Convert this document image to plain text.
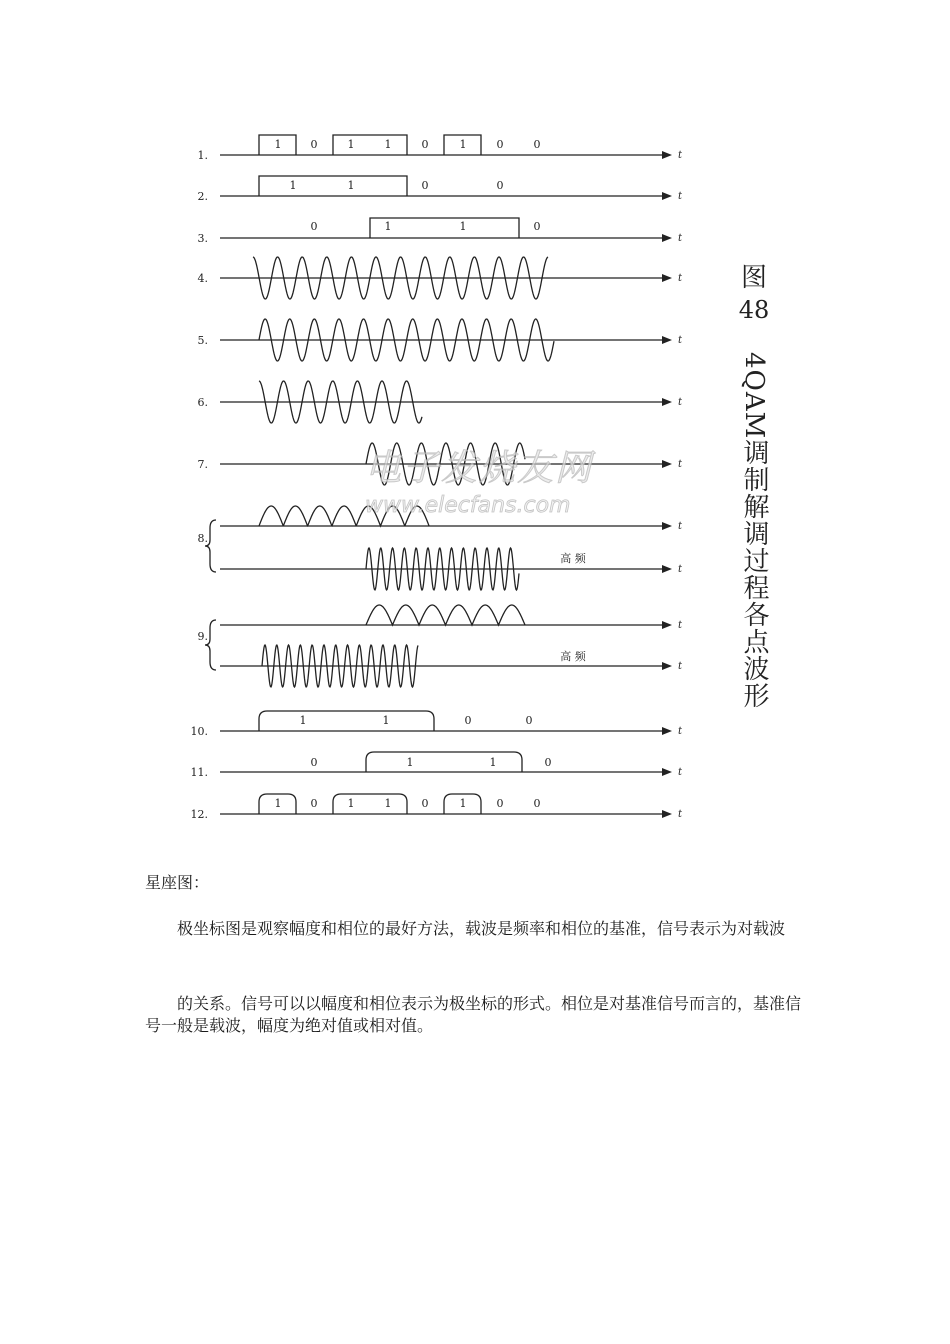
t
1.
1	0	1	1	0	1	0	0
t
2.
1	1	0	0
t
3.
0	1	1	0
t
4.
t
5.
t
6.
t
7.
t
t
8.
高 频
t
t
9.
高 频
t
10.
1	1	0	0
t
11.
0	1	1	0
t
12.
1	0	1	1	0	1	0	0
图
48
4QAM调制解调过程各点波形
电子发烧友网
www.elecfans.com

星座图：

极坐标图是观察幅度和相位的最好方法，载波是频率和相位的基准，信号表示为对载波

的关系。信号可以以幅度和相位表示为极坐标的形式。相位是对基准信号而言的，基准信号一般是载波，幅度为绝对值或相对值。
